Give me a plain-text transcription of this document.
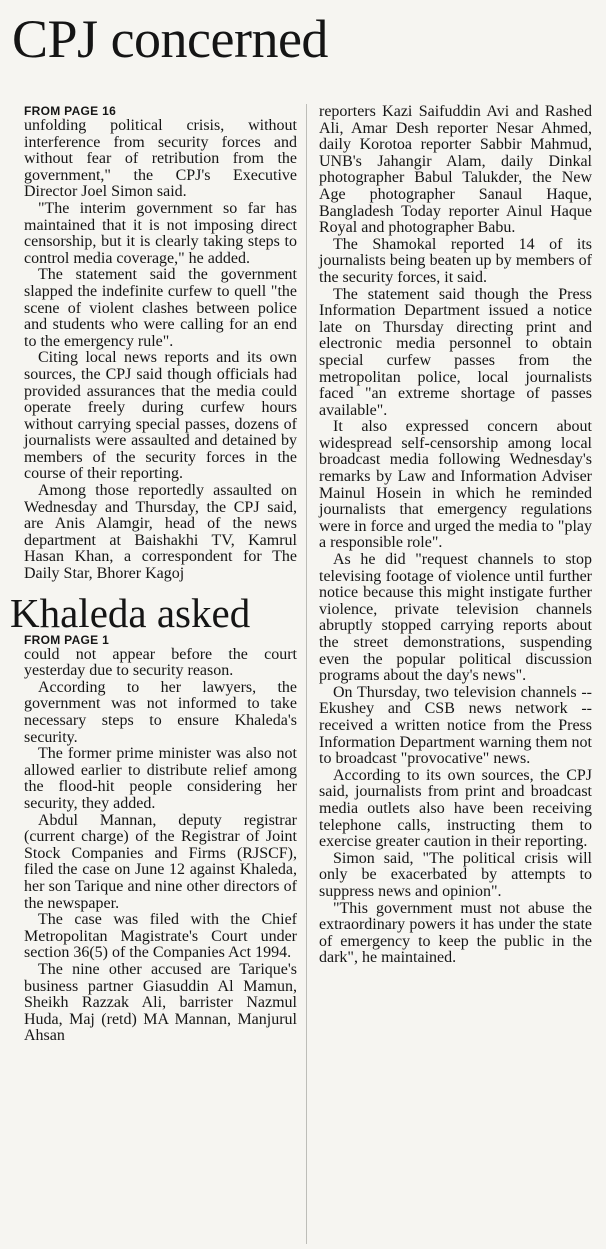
CPJ concerned
FROM PAGE 16

unfolding political crisis, without interference from security forces and without fear of retribution from the government," the CPJ's Executive Director Joel Simon said.

"The interim government so far has maintained that it is not imposing direct censorship, but it is clearly taking steps to control media coverage," he added.

The statement said the government slapped the indefinite curfew to quell "the scene of violent clashes between police and students who were calling for an end to the emergency rule".

Citing local news reports and its own sources, the CPJ said though officials had provided assurances that the media could operate freely during curfew hours without carrying special passes, dozens of journalists were assaulted and detained by members of the security forces in the course of their reporting.

Among those reportedly assaulted on Wednesday and Thursday, the CPJ said, are Anis Alamgir, head of the news department at Baishakhi TV, Kamrul Hasan Khan, a correspondent for The Daily Star, Bhorer Kagoj

Khaleda asked
FROM PAGE 1

could not appear before the court yesterday due to security reason.

According to her lawyers, the government was not informed to take necessary steps to ensure Khaleda's security.

The former prime minister was also not allowed earlier to distribute relief among the flood-hit people considering her security, they added.

Abdul Mannan, deputy registrar (current charge) of the Registrar of Joint Stock Companies and Firms (RJSCF), filed the case on June 12 against Khaleda, her son Tarique and nine other directors of the newspaper.

The case was filed with the Chief Metropolitan Magistrate's Court under section 36(5) of the Companies Act 1994.

The nine other accused are Tarique's business partner Giasuddin Al Mamun, Sheikh Razzak Ali, barrister Nazmul Huda, Maj (retd) MA Mannan, Manjurul Ahsan

reporters Kazi Saifuddin Avi and Rashed Ali, Amar Desh reporter Nesar Ahmed, daily Korotoa reporter Sabbir Mahmud, UNB's Jahangir Alam, daily Dinkal photographer Babul Talukder, the New Age photographer Sanaul Haque, Bangladesh Today reporter Ainul Haque Royal and photographer Babu.

The Shamokal reported 14 of its journalists being beaten up by members of the security forces, it said.

The statement said though the Press Information Department issued a notice late on Thursday directing print and electronic media personnel to obtain special curfew passes from the metropolitan police, local journalists faced "an extreme shortage of passes available".

It also expressed concern about widespread self-censorship among local broadcast media following Wednesday's remarks by Law and Information Adviser Mainul Hosein in which he reminded journalists that emergency regulations were in force and urged the media to "play a responsible role".

As he did "request channels to stop televising footage of violence until further notice because this might instigate further violence, private television channels abruptly stopped carrying reports about the street demonstrations, suspending even the popular political discussion programs about the day's news".

On Thursday, two television channels -- Ekushey and CSB news network -- received a written notice from the Press Information Department warning them not to broadcast "provocative" news.

According to its own sources, the CPJ said, journalists from print and broadcast media outlets also have been receiving telephone calls, instructing them to exercise greater caution in their reporting.

Simon said, "The political crisis will only be exacerbated by attempts to suppress news and opinion".

"This government must not abuse the extraordinary powers it has under the state of emergency to keep the public in the dark", he maintained.
